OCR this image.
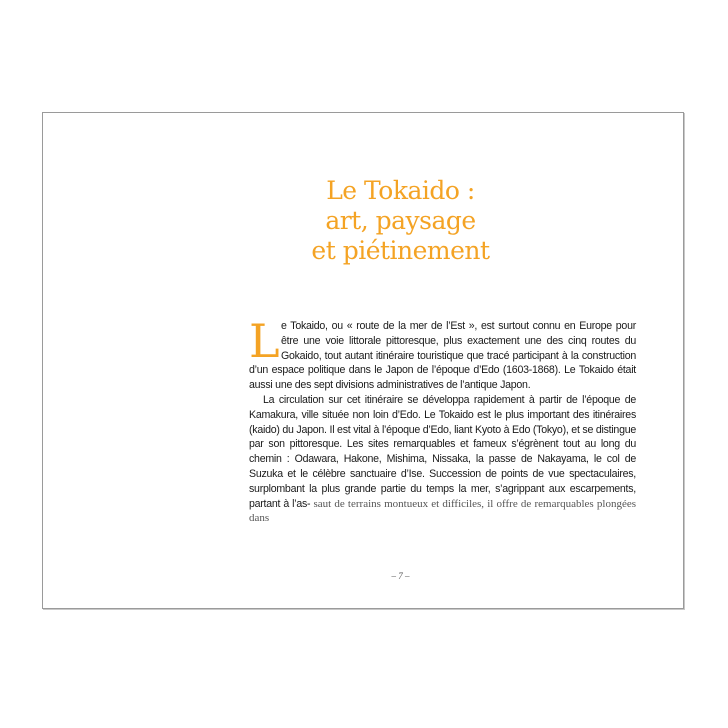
Le Tokaido :
art, paysage
et piétinement

L e Tokaido, ou « route de la mer de l’Est », est surtout connu en Europe pour être une voie littorale pittoresque, plus exactement une des cinq routes du Gokaido, tout autant itinéraire touristique que tracé participant à la construction d’un espace politique dans le Japon de l’époque d’Edo (1603-1868). Le Tokaido était aussi une des sept divisions administratives de l’antique Japon.

La circulation sur cet itinéraire se développa rapidement à partir de l’époque de Kamakura, ville située non loin d’Edo. Le Tokaido est le plus important des itinéraires (kaido) du Japon. Il est vital à l’époque d’Edo, liant Kyoto à Edo (Tokyo), et se distingue par son pittoresque. Les sites remarquables et fameux s’égrènent tout au long du chemin : Odawara, Hakone, Mishima, Nissaka, la passe de Nakayama, le col de Suzuka et le célèbre sanctuaire d’Ise. Succession de points de vue spectaculaires, surplombant la plus grande partie du temps la mer, s’agrippant aux escarpements, partant à l’as- saut de terrains montueux et difficiles, il offre de remarquables plongées dans

– 7 –
